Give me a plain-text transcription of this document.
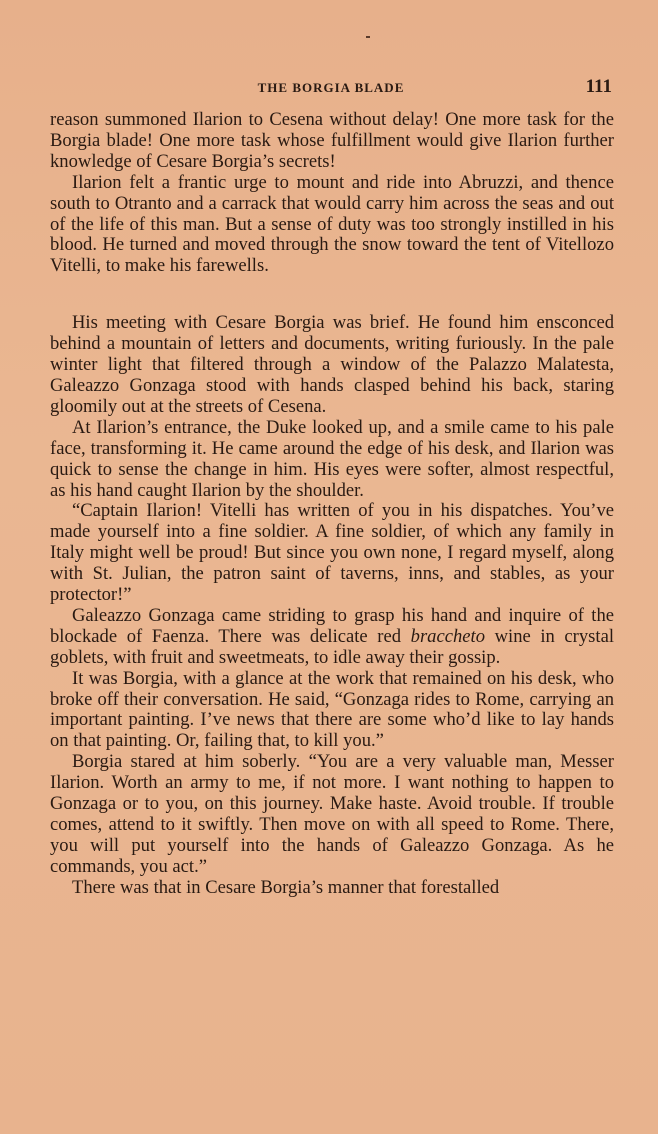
THE BORGIA BLADE	111

reason summoned Ilarion to Cesena without delay! One more task for the Borgia blade! One more task whose fulfillment would give Ilarion further knowledge of Cesare Borgia’s secrets!

Ilarion felt a frantic urge to mount and ride into Abruzzi, and thence south to Otranto and a carrack that would carry him across the seas and out of the life of this man. But a sense of duty was too strongly instilled in his blood. He turned and moved through the snow toward the tent of Vitellozo Vitelli, to make his farewells.

His meeting with Cesare Borgia was brief. He found him ensconced behind a mountain of letters and documents, writing furiously. In the pale winter light that filtered through a window of the Palazzo Malatesta, Galeazzo Gonzaga stood with hands clasped behind his back, staring gloomily out at the streets of Cesena.

At Ilarion’s entrance, the Duke looked up, and a smile came to his pale face, transforming it. He came around the edge of his desk, and Ilarion was quick to sense the change in him. His eyes were softer, almost respectful, as his hand caught Ilarion by the shoulder.

“Captain Ilarion! Vitelli has written of you in his dispatches. You’ve made yourself into a fine soldier. A fine soldier, of which any family in Italy might well be proud! But since you own none, I regard myself, along with St. Julian, the patron saint of taverns, inns, and stables, as your protector!”

Galeazzo Gonzaga came striding to grasp his hand and inquire of the blockade of Faenza. There was delicate red braccheto wine in crystal goblets, with fruit and sweetmeats, to idle away their gossip.

It was Borgia, with a glance at the work that remained on his desk, who broke off their conversation. He said, “Gonzaga rides to Rome, carrying an important painting. I’ve news that there are some who’d like to lay hands on that painting. Or, failing that, to kill you.”

Borgia stared at him soberly. “You are a very valuable man, Messer Ilarion. Worth an army to me, if not more. I want nothing to happen to Gonzaga or to you, on this journey. Make haste. Avoid trouble. If trouble comes, attend to it swiftly. Then move on with all speed to Rome. There, you will put yourself into the hands of Galeazzo Gonzaga. As he commands, you act.”

There was that in Cesare Borgia’s manner that forestalled
